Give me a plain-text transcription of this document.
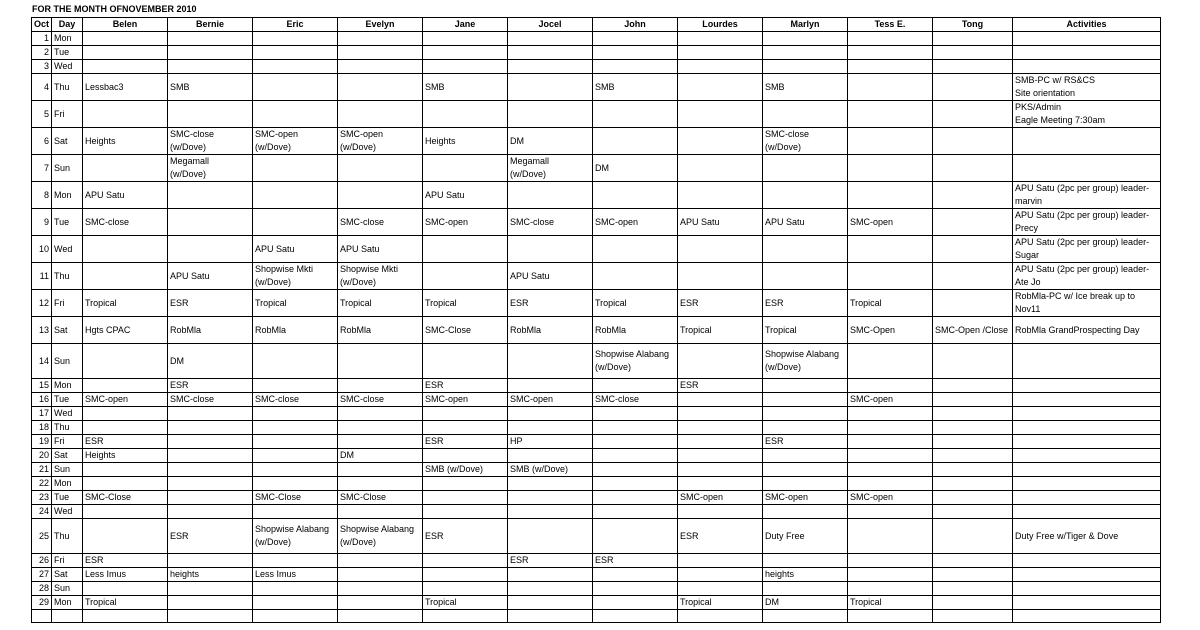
FOR THE MONTH OFNOVEMBER 2010
Oct	Day	Belen	Bernie	Eric	Evelyn	Jane	Jocel	John	Lourdes	Marlyn	Tess E.	Tong	Activities
1	Mon												
2	Tue												
3	Wed												
4	Thu	Lessbac3	SMB			SMB		SMB		SMB			SMB-PC w/ RS&CS
Site orientation
5	Fri												PKS/Admin
Eagle Meeting 7:30am
6	Sat	Heights	SMC-close
(w/Dove)	SMC-open
(w/Dove)	SMC-open
(w/Dove)	Heights	DM			SMC-close
(w/Dove)			
7	Sun		Megamall
(w/Dove)				Megamall
(w/Dove)	DM					
8	Mon	APU Satu				APU Satu							APU Satu (2pc per group) leader-
marvin
9	Tue	SMC-close			SMC-close	SMC-open	SMC-close	SMC-open	APU Satu	APU Satu	SMC-open		APU Satu (2pc per group) leader-
Precy
10	Wed			APU Satu	APU Satu								APU Satu (2pc per group) leader-
Sugar
11	Thu		APU Satu	Shopwise Mkti
(w/Dove)	Shopwise Mkti
(w/Dove)		APU Satu						APU Satu (2pc per group) leader-
Ate Jo
12	Fri	Tropical	ESR	Tropical	Tropical	Tropical	ESR	Tropical	ESR	ESR	Tropical		RobMla-PC w/ Ice break up to
Nov11
13	Sat	Hgts CPAC	RobMla	RobMla	RobMla	SMC-Close	RobMla	RobMla	Tropical	Tropical	SMC-Open	SMC-Open /Close	RobMla GrandProspecting Day
14	Sun		DM					Shopwise Alabang
(w/Dove)		Shopwise Alabang
(w/Dove)			
15	Mon		ESR			ESR			ESR				
16	Tue	SMC-open	SMC-close	SMC-close	SMC-close	SMC-open	SMC-open	SMC-close			SMC-open		
17	Wed												
18	Thu												
19	Fri	ESR				ESR	HP			ESR			
20	Sat	Heights			DM								
21	Sun					SMB (w/Dove)	SMB (w/Dove)						
22	Mon												
23	Tue	SMC-Close		SMC-Close	SMC-Close				SMC-open	SMC-open	SMC-open		
24	Wed												
25	Thu		ESR	Shopwise Alabang
(w/Dove)	Shopwise Alabang
(w/Dove)	ESR			ESR	Duty Free			Duty Free w/Tiger & Dove
26	Fri	ESR					ESR	ESR					
27	Sat	Less Imus	heights	Less Imus						heights			
28	Sun												
29	Mon	Tropical				Tropical			Tropical	DM	Tropical		
